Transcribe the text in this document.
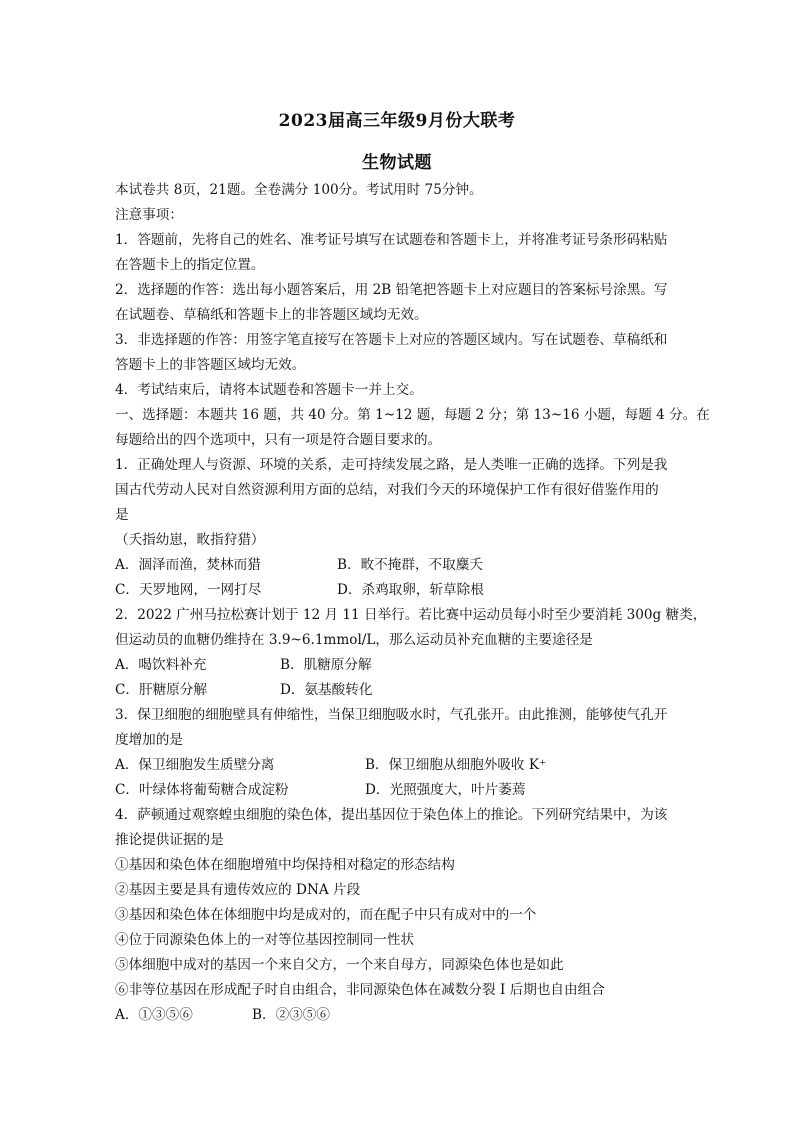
2023届高三年级9月份大联考
生物试题
本试卷共 8页，21题。全卷满分 100分。考试用时 75分钟。
注意事项：
1．答题前，先将自己的姓名、准考证号填写在试题卷和答题卡上，并将准考证号条形码粘贴
在答题卡上的指定位置。
2．选择题的作答：选出每小题答案后，用 2B 铅笔把答题卡上对应题目的答案标号涂黑。写
在试题卷、草稿纸和答题卡上的非答题区域均无效。
3．非选择题的作答：用签字笔直接写在答题卡上对应的答题区域内。写在试题卷、草稿纸和
答题卡上的非答题区域均无效。
4．考试结束后，请将本试题卷和答题卡一并上交。
一、选择题：本题共 16 题，共 40 分。第 1~12 题，每题 2 分；第 13~16 小题，每题 4 分。在
每题给出的四个选项中，只有一项是符合题目要求的。
1．正确处理人与资源、环境的关系，走可持续发展之路，是人类唯一正确的选择。下列是我
国古代劳动人民对自然资源利用方面的总结，对我们今天的环境保护工作有很好借鉴作用的
是
（夭指幼崽，畋指狩猎）
A．涸泽而渔，焚林而猎	B．畋不掩群，不取麋夭
C．天罗地网，一网打尽	D．杀鸡取卵，斩草除根
2．2022 广州马拉松赛计划于 12 月 11 日举行。若比赛中运动员每小时至少要消耗 300g 糖类，
但运动员的血糖仍维持在 3.9~6.1mmol/L，那么运动员补充血糖的主要途径是
A．喝饮料补充	B．肌糖原分解
C．肝糖原分解	D．氨基酸转化
3．保卫细胞的细胞壁具有伸缩性，当保卫细胞吸水时，气孔张开。由此推测，能够使气孔开
度增加的是
A．保卫细胞发生质壁分离	B．保卫细胞从细胞外吸收 K⁺
C．叶绿体将葡萄糖合成淀粉	D．光照强度大，叶片萎蔫
4．萨顿通过观察蝗虫细胞的染色体，提出基因位于染色体上的推论。下列研究结果中，为该
推论提供证据的是
①基因和染色体在细胞增殖中均保持相对稳定的形态结构
②基因主要是具有遗传效应的 DNA 片段
③基因和染色体在体细胞中均是成对的，而在配子中只有成对中的一个
④位于同源染色体上的一对等位基因控制同一性状
⑤体细胞中成对的基因一个来自父方，一个来自母方，同源染色体也是如此
⑥非等位基因在形成配子时自由组合，非同源染色体在减数分裂 I 后期也自由组合
A．①③⑤⑥	B．②③⑤⑥
